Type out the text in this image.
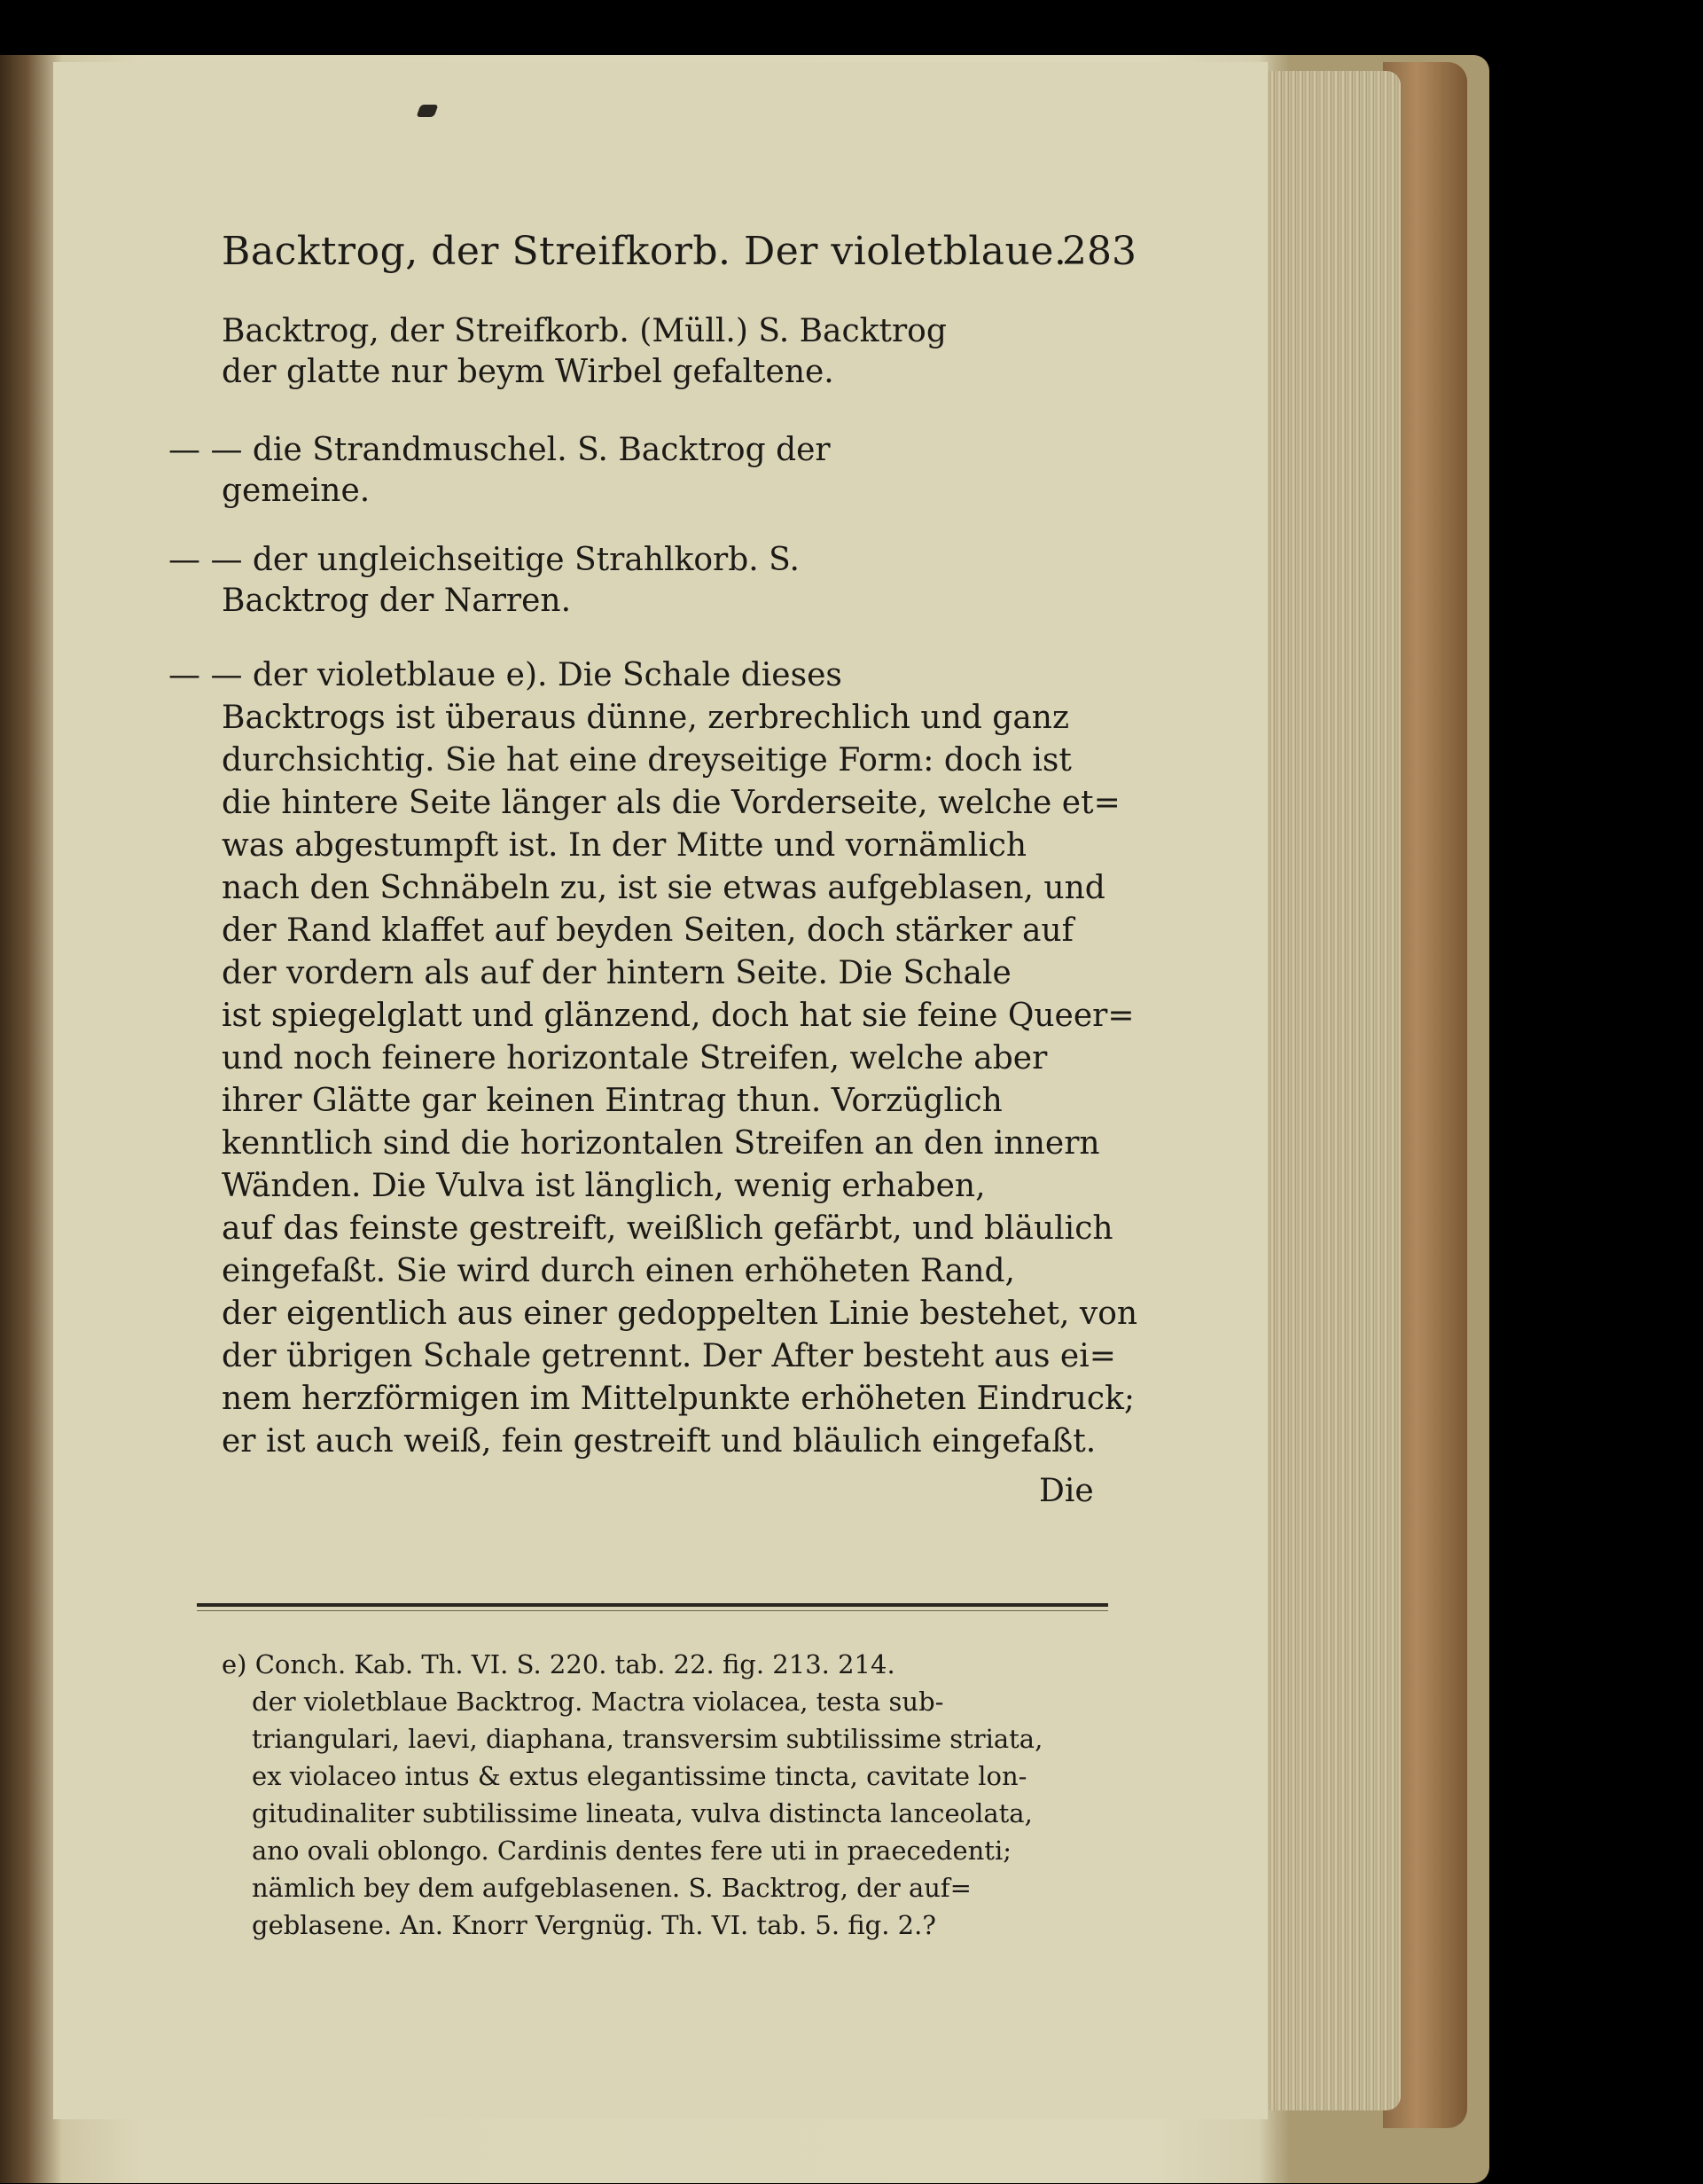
Backtrog, der Streifkorb. Der violetblaue.
283
Backtrog, der Streifkorb. (Müll.) S. Backtrog
der glatte nur beym Wirbel gefaltene.
— — die Strandmuschel. S. Backtrog der
gemeine.
— — der ungleichseitige Strahlkorb. S.
Backtrog der Narren.
— — der violetblaue e). Die Schale dieses
Backtrogs ist überaus dünne, zerbrechlich und ganz
durchsichtig. Sie hat eine dreyseitige Form: doch ist
die hintere Seite länger als die Vorderseite, welche et=
was abgestumpft ist. In der Mitte und vornämlich
nach den Schnäbeln zu, ist sie etwas aufgeblasen, und
der Rand klaffet auf beyden Seiten, doch stärker auf
der vordern als auf der hintern Seite. Die Schale
ist spiegelglatt und glänzend, doch hat sie feine Queer=
und noch feinere horizontale Streifen, welche aber
ihrer Glätte gar keinen Eintrag thun. Vorzüglich
kenntlich sind die horizontalen Streifen an den innern
Wänden. Die Vulva ist länglich, wenig erhaben,
auf das feinste gestreift, weißlich gefärbt, und bläulich
eingefaßt. Sie wird durch einen erhöheten Rand,
der eigentlich aus einer gedoppelten Linie bestehet, von
der übrigen Schale getrennt. Der After besteht aus ei=
nem herzförmigen im Mittelpunkte erhöheten Eindruck;
er ist auch weiß, fein gestreift und bläulich eingefaßt.
Die
e) Conch. Kab. Th. VI. S. 220. tab. 22. fig. 213. 214.
der violetblaue Backtrog. Mactra violacea, testa sub-
triangulari, laevi, diaphana, transversim subtilissime striata,
ex violaceo intus & extus elegantissime tincta, cavitate lon-
gitudinaliter subtilissime lineata, vulva distincta lanceolata,
ano ovali oblongo. Cardinis dentes fere uti in praecedenti;
nämlich bey dem aufgeblasenen. S. Backtrog, der auf=
geblasene. An. Knorr Vergnüg. Th. VI. tab. 5. fig. 2.?
